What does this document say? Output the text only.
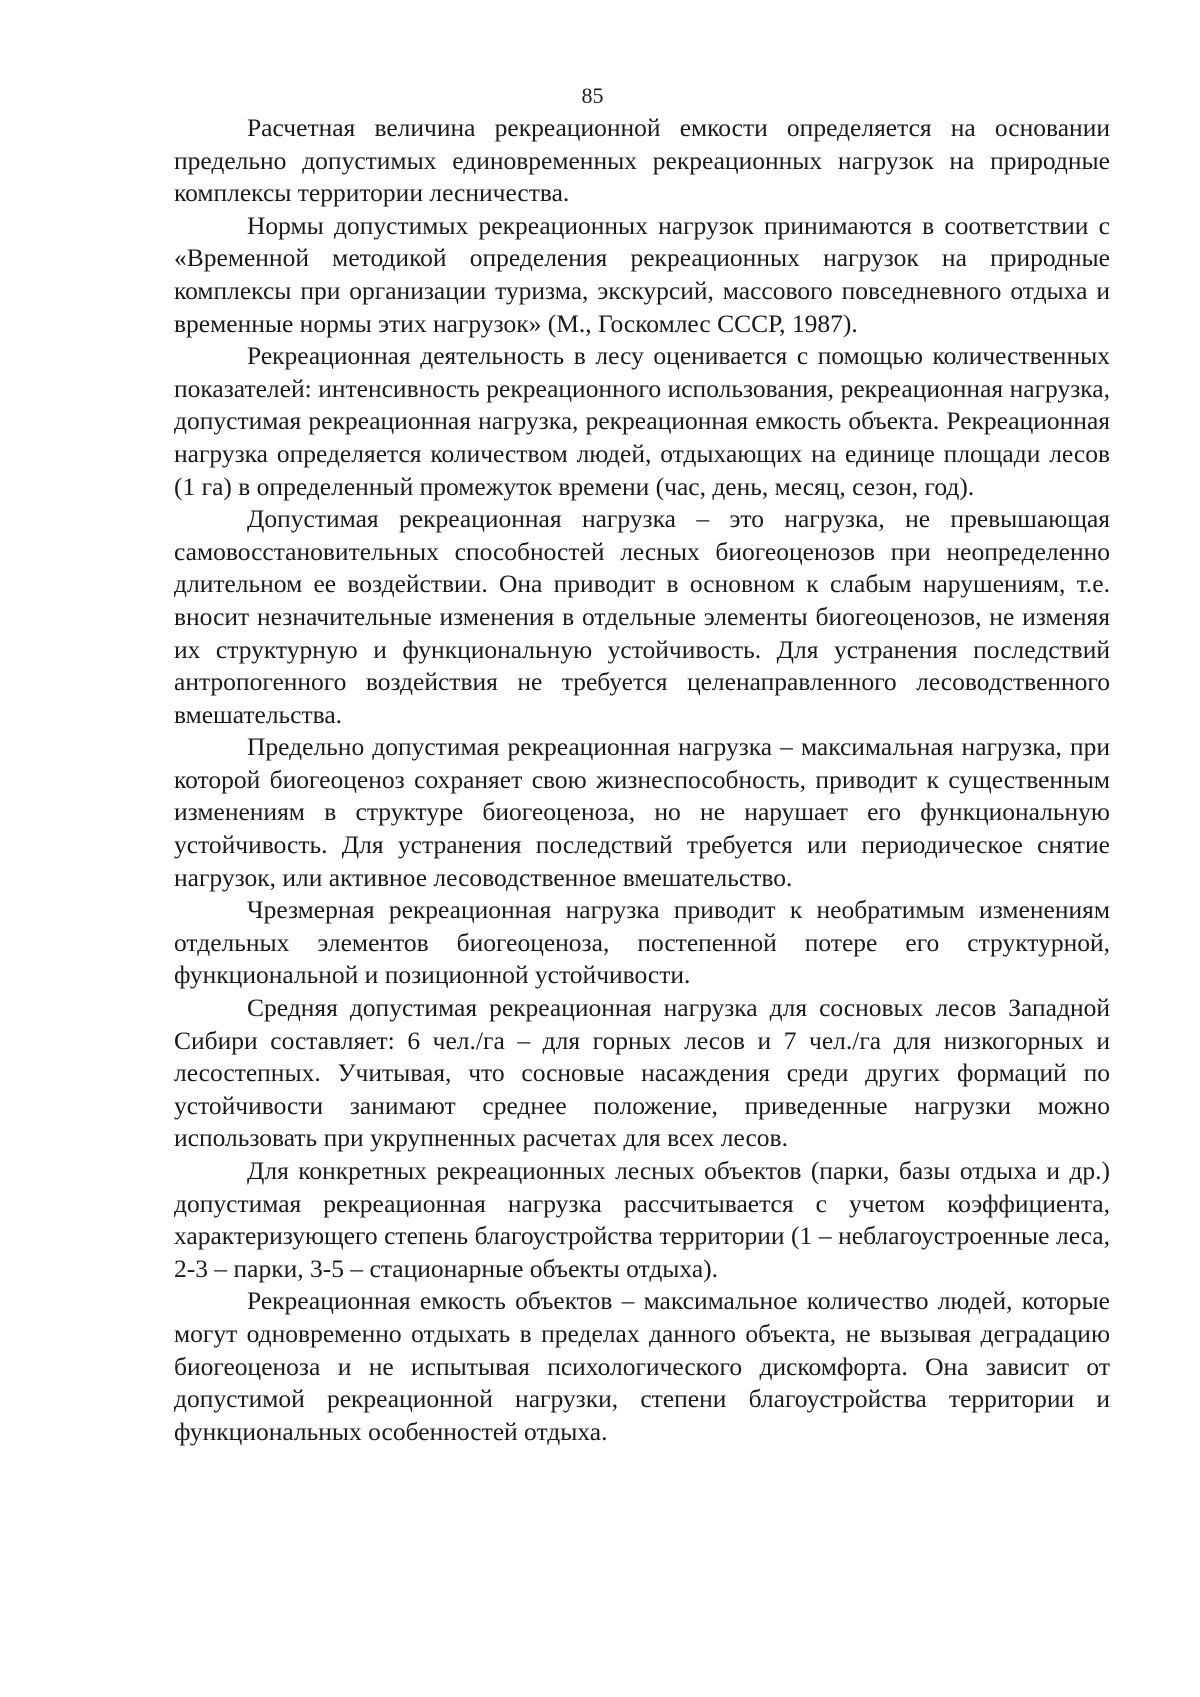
85

Расчетная величина рекреационной емкости определяется на основании предельно допустимых единовременных рекреационных нагрузок на природные комплексы территории лесничества.

Нормы допустимых рекреационных нагрузок принимаются в соответствии с «Временной методикой определения рекреационных нагрузок на природные комплексы при организации туризма, экскурсий, массового повседневного отдыха и временные нормы этих нагрузок» (М., Госкомлес СССР, 1987).

Рекреационная деятельность в лесу оценивается с помощью количественных показателей: интенсивность рекреационного использования, рекреационная нагрузка, допустимая рекреационная нагрузка, рекреационная емкость объекта. Рекреационная нагрузка определяется количеством людей, отдыхающих на единице площади лесов (1 га) в определенный промежуток времени (час, день, месяц, сезон, год).

Допустимая рекреационная нагрузка – это нагрузка, не превышающая самовосстановительных способностей лесных биогеоценозов при неопределенно длительном ее воздействии. Она приводит в основном к слабым нарушениям, т.е. вносит незначительные изменения в отдельные элементы биогеоценозов, не изменяя их структурную и функциональную устойчивость. Для устранения последствий антропогенного воздействия не требуется целенаправленного лесоводственного вмешательства.

Предельно допустимая рекреационная нагрузка – максимальная нагрузка, при которой биогеоценоз сохраняет свою жизнеспособность, приводит к существенным изменениям в структуре биогеоценоза, но не нарушает его функциональную устойчивость. Для устранения последствий требуется или периодическое снятие нагрузок, или активное лесоводственное вмешательство.

Чрезмерная рекреационная нагрузка приводит к необратимым изменениям отдельных элементов биогеоценоза, постепенной потере его структурной, функциональной и позиционной устойчивости.

Средняя допустимая рекреационная нагрузка для сосновых лесов Западной Сибири составляет: 6 чел./га – для горных лесов и 7 чел./га для низкогорных и лесостепных. Учитывая, что сосновые насаждения среди других формаций по устойчивости занимают среднее положение, приведенные нагрузки можно использовать при укрупненных расчетах для всех лесов.

Для конкретных рекреационных лесных объектов (парки, базы отдыха и др.) допустимая рекреационная нагрузка рассчитывается с учетом коэффициента, характеризующего степень благоустройства территории (1 – неблагоустроенные леса, 2-3 – парки, 3-5 – стационарные объекты отдыха).

Рекреационная емкость объектов – максимальное количество людей, которые могут одновременно отдыхать в пределах данного объекта, не вызывая деградацию биогеоценоза и не испытывая психологического дискомфорта. Она зависит от допустимой рекреационной нагрузки, степени благоустройства территории и функциональных особенностей отдыха.
